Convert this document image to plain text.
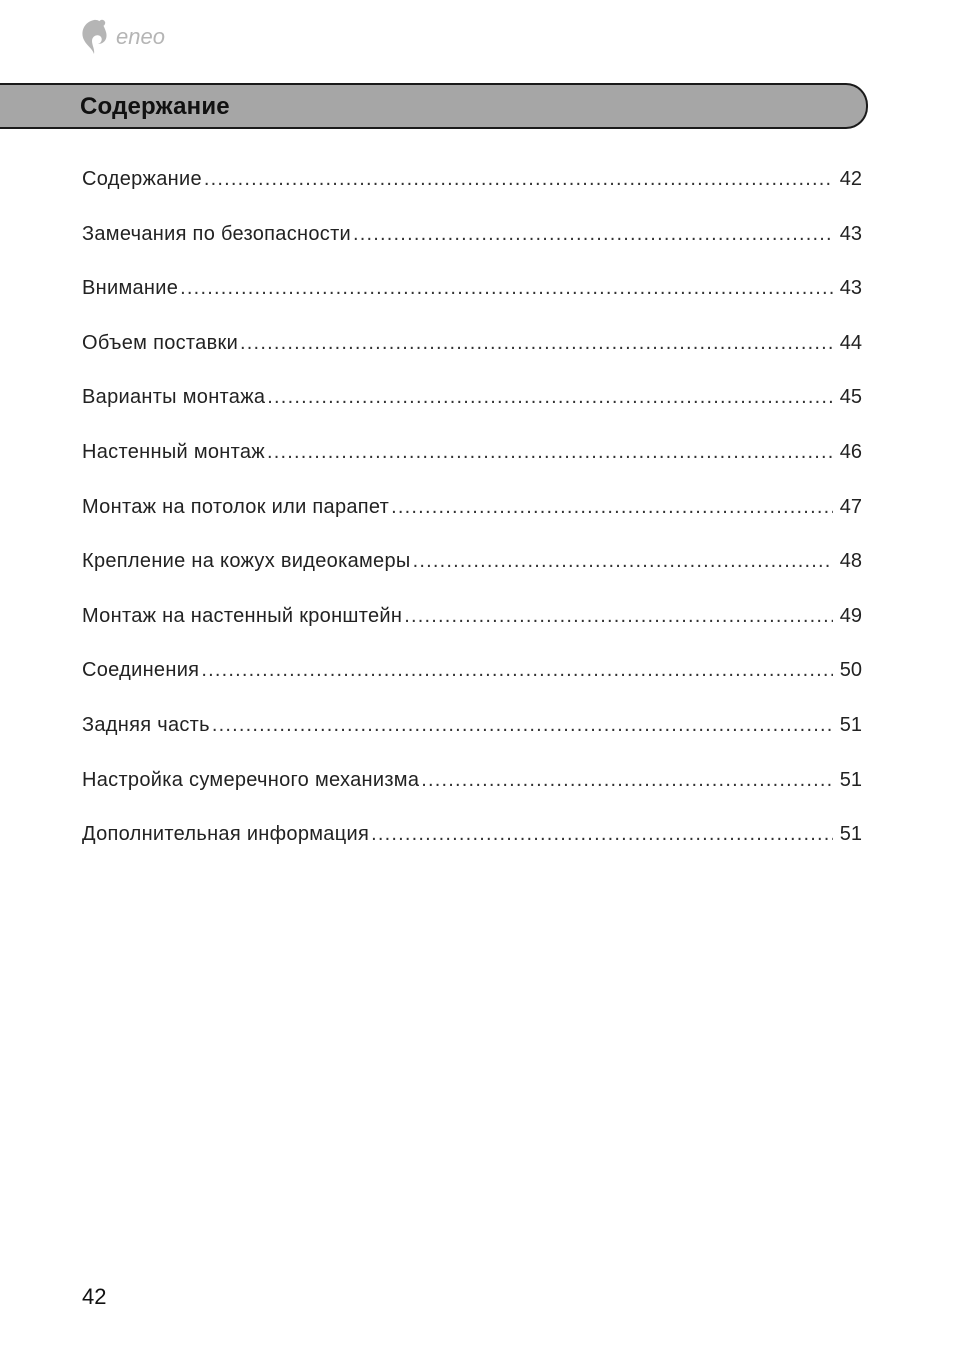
eneo
Содержание
Содержание .....	42
Замечания по безопасности .....	43
Внимание .....	43
Объем поставки .....	44
Варианты монтажа .....	45
Настенный монтаж .....	46
Монтаж на потолок или парапет .....	47
Крепление на кожух видеокамеры .....	48
Монтаж на настенный кронштейн .....	49
Соединения .....	50
Задняя часть .....	51
Настройка сумеречного механизма .....	51
Дополнительная информация .....	51
42
